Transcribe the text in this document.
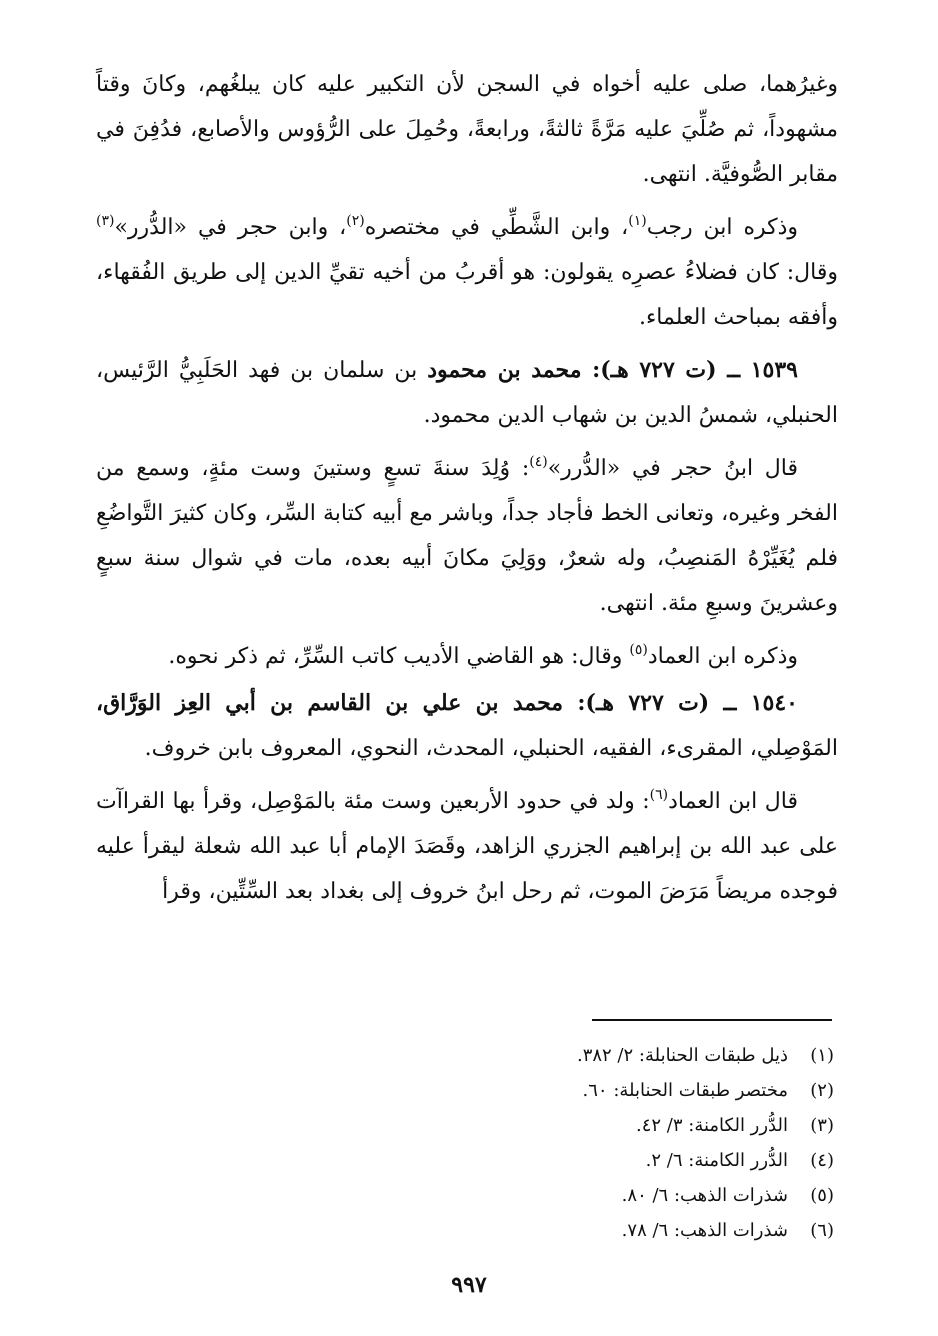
وغيرُهما، صلى عليه أخواه في السجن لأن التكبير عليه كان يبلغُهم، وكانَ وقتاً مشهوداً، ثم صُلِّيَ عليه مَرَّةً ثالثةً، ورابعةً، وحُمِلَ على الرُّؤوس والأصابع، فدُفِنَ في مقابر الصُّوفيَّة. انتهى.

وذكره ابن رجب$^{(١)}$، وابن الشَّطِّي في مختصره$^{(٢)}$، وابن حجر في «الدُّرر»$^{(٣)}$ وقال: كان فضلاءُ عصرِه يقولون: هو أقربُ من أخيه تقيِّ الدين إلى طريق الفُقهاء، وأفقه بمباحث العلماء.

١٥٣٩ ــ (ت ٧٢٧ هـ): محمد بن محمود بن سلمان بن فهد الحَلَبِيُّ الرَّئيس، الحنبلي، شمسُ الدين بن شهاب الدين محمود.

قال ابنُ حجر في «الدُّرر»$^{(٤)}$: وُلِدَ سنةَ تسعٍ وستينَ وست مئةٍ، وسمع من الفخر وغيره، وتعانى الخط فأجاد جداً، وباشر مع أبيه كتابة السِّر، وكان كثيرَ التَّواضُعِ فلم يُغَيِّرْهُ المَنصِبُ، وله شعرٌ، ووَلِيَ مكانَ أبيه بعده، مات في شوال سنة سبعٍ وعشرينَ وسبعِ مئة. انتهى.

وذكره ابن العماد$^{(٥)}$ وقال: هو القاضي الأديب كاتب السِّرِّ، ثم ذكر نحوه.

١٥٤٠ ــ (ت ٧٢٧ هـ): محمد بن علي بن القاسم بن أبي العِز الوَرَّاق، المَوْصِلي، المقرىء، الفقيه، الحنبلي، المحدث، النحوي، المعروف بابن خروف.

قال ابن العماد$^{(٦)}$: ولد في حدود الأربعين وست مئة بالمَوْصِل، وقرأ بها القراآت على عبد الله بن إبراهيم الجزري الزاهد، وقَصَدَ الإمام أبا عبد الله شعلة ليقرأ عليه فوجده مريضاً مَرَضَ الموت، ثم رحل ابنُ خروف إلى بغداد بعد السِّتِّين، وقرأ

(١)
ذيل طبقات الحنابلة: ٢/ ٣٨٢.
(٢)
مختصر طبقات الحنابلة: ٦٠.
(٣)
الدُّرر الكامنة: ٣/ ٤٢.
(٤)
الدُّرر الكامنة: ٦/ ٢.
(٥)
شذرات الذهب: ٦/ ٨٠.
(٦)
شذرات الذهب: ٦/ ٧٨.
٩٩٧
